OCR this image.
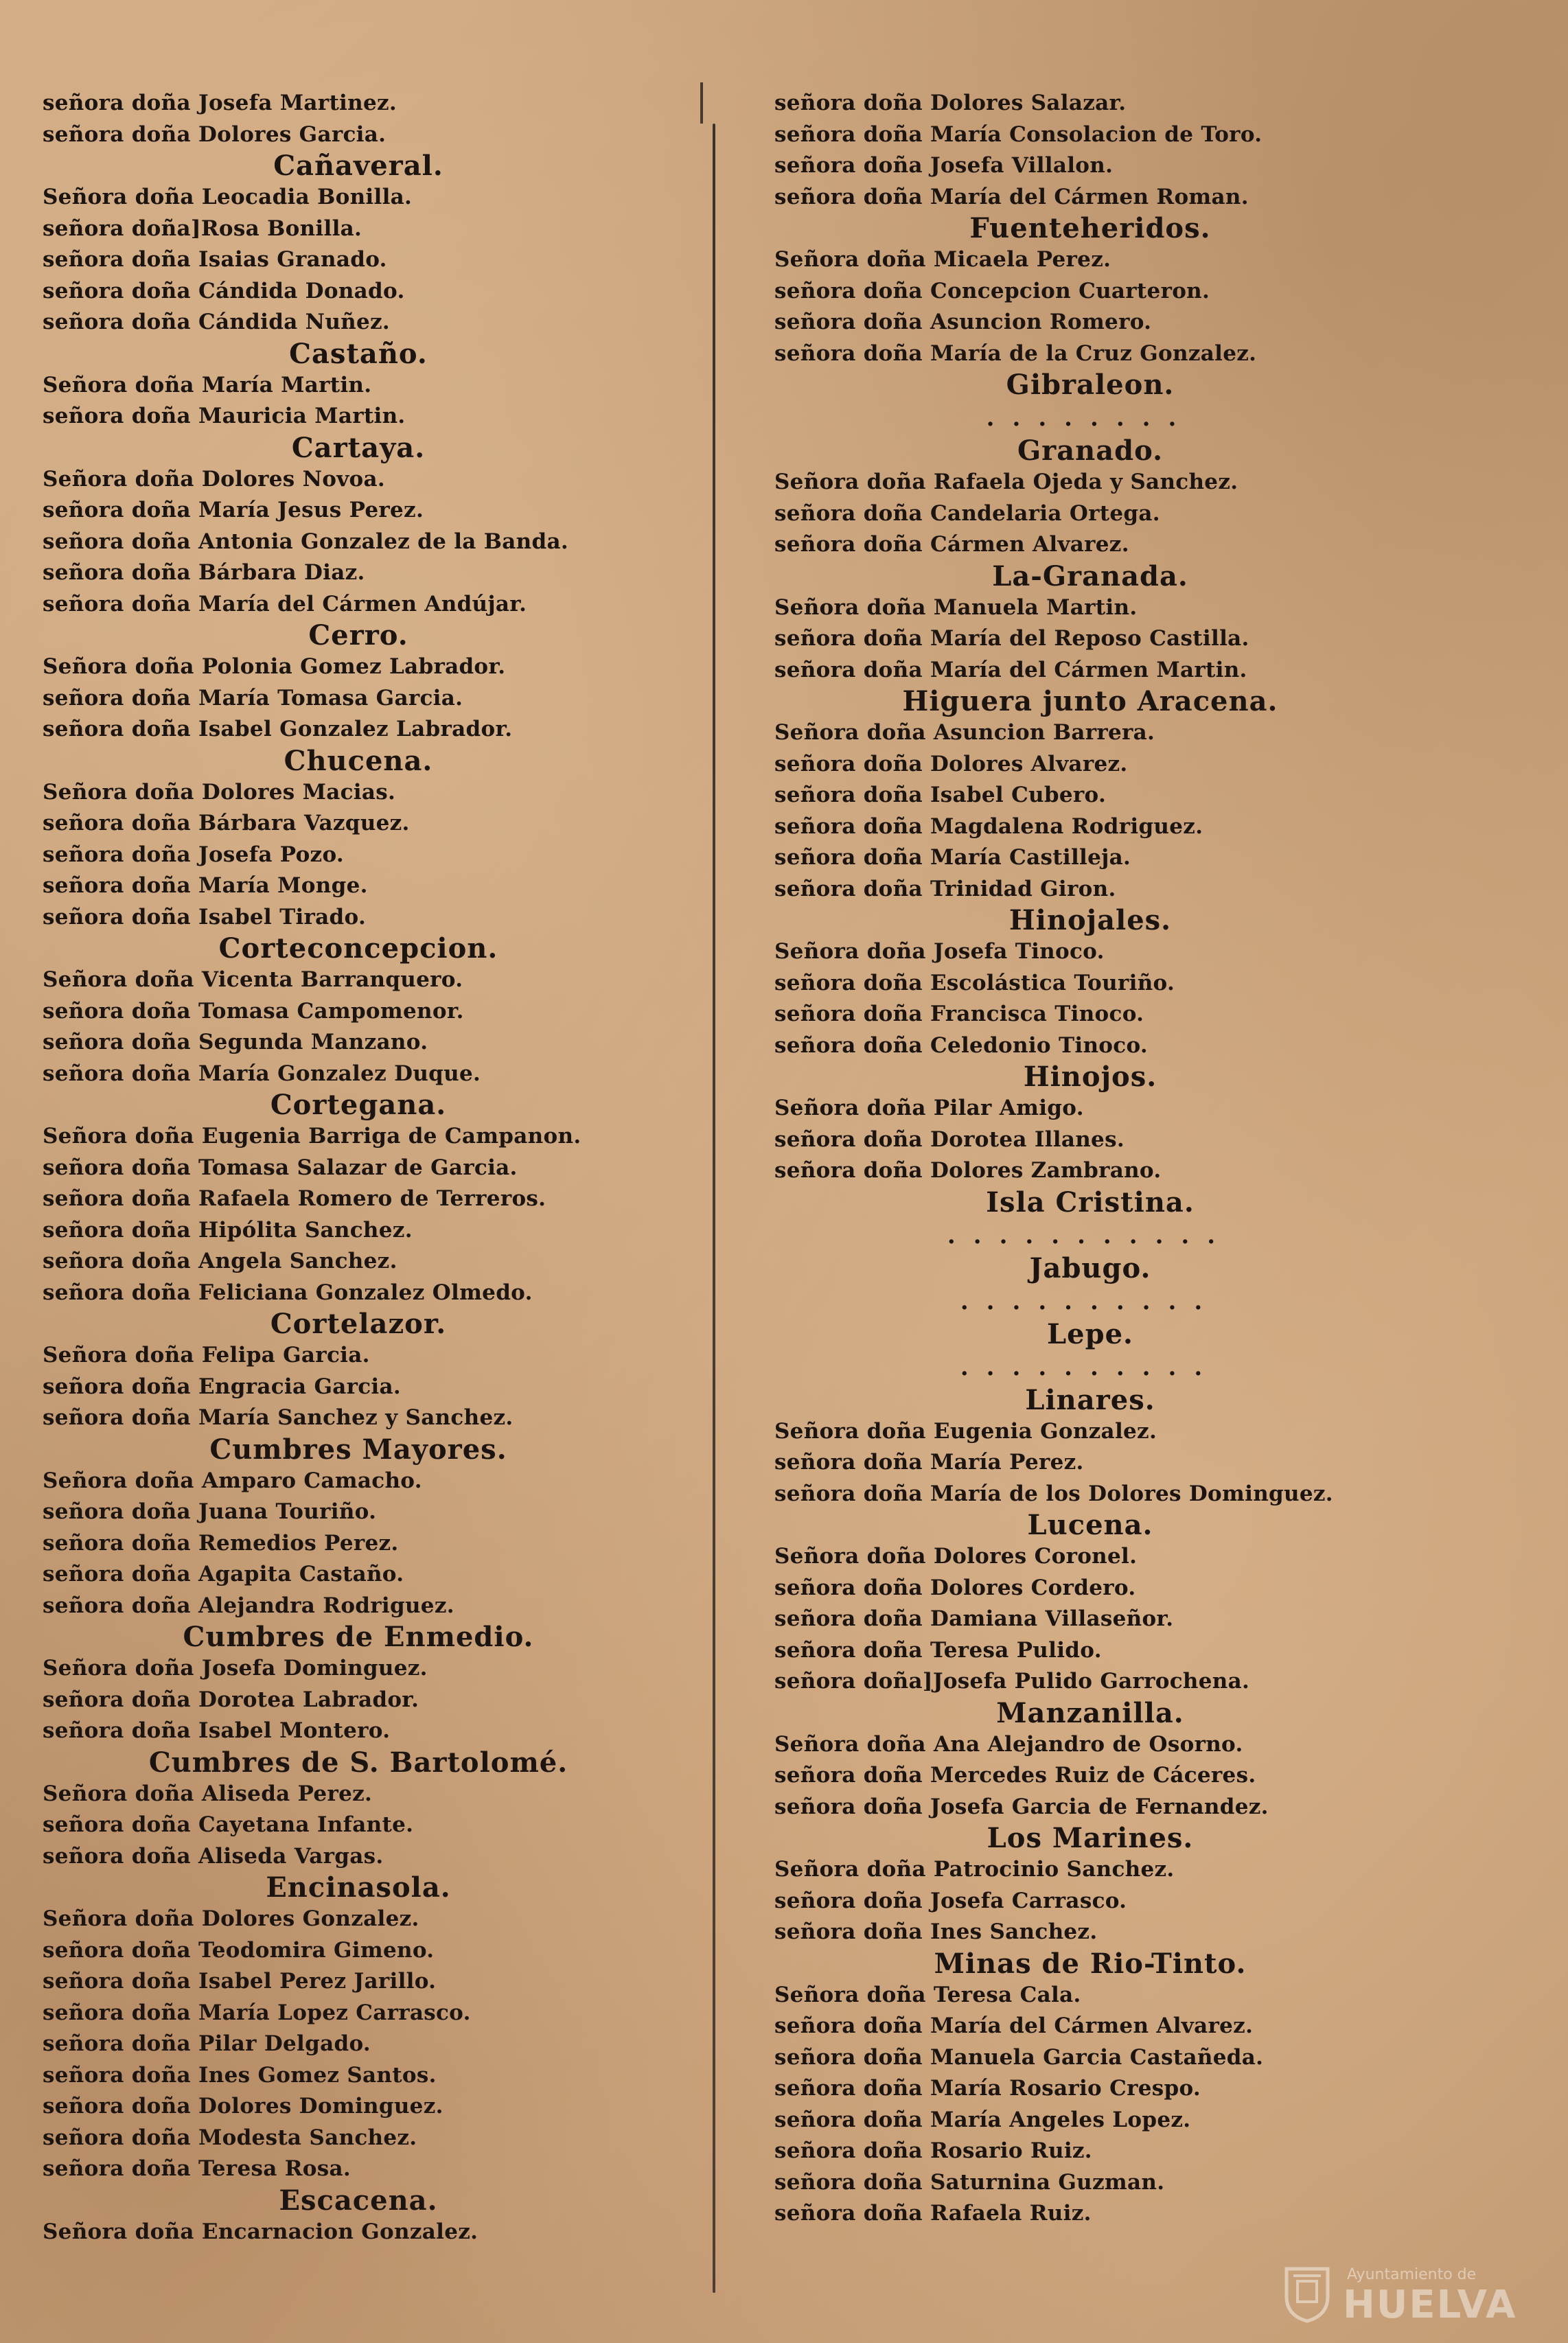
señora doña Josefa Martinez.
señora doña Dolores Garcia.
Cañaveral.
Señora doña Leocadia Bonilla.
señora doña]Rosa Bonilla.
señora doña Isaias Granado.
señora doña Cándida Donado.
señora doña Cándida Nuñez.
Castaño.
Señora doña María Martin.
señora doña Mauricia Martin.
Cartaya.
Señora doña Dolores Novoa.
señora doña María Jesus Perez.
señora doña Antonia Gonzalez de la Banda.
señora doña Bárbara Diaz.
señora doña María del Cármen Andújar.
Cerro.
Señora doña Polonia Gomez Labrador.
señora doña María Tomasa Garcia.
señora doña Isabel Gonzalez Labrador.
Chucena.
Señora doña Dolores Macias.
señora doña Bárbara Vazquez.
señora doña Josefa Pozo.
señora doña María Monge.
señora doña Isabel Tirado.
Corteconcepcion.
Señora doña Vicenta Barranquero.
señora doña Tomasa Campomenor.
señora doña Segunda Manzano.
señora doña María Gonzalez Duque.
Cortegana.
Señora doña Eugenia Barriga de Campanon.
señora doña Tomasa Salazar de Garcia.
señora doña Rafaela Romero de Terreros.
señora doña Hipólita Sanchez.
señora doña Angela Sanchez.
señora doña Feliciana Gonzalez Olmedo.
Cortelazor.
Señora doña Felipa Garcia.
señora doña Engracia Garcia.
señora doña María Sanchez y Sanchez.
Cumbres Mayores.
Señora doña Amparo Camacho.
señora doña Juana Touriño.
señora doña Remedios Perez.
señora doña Agapita Castaño.
señora doña Alejandra Rodriguez.
Cumbres de Enmedio.
Señora doña Josefa Dominguez.
señora doña Dorotea Labrador.
señora doña Isabel Montero.
Cumbres de S. Bartolomé.
Señora doña Aliseda Perez.
señora doña Cayetana Infante.
señora doña Aliseda Vargas.
Encinasola.
Señora doña Dolores Gonzalez.
señora doña Teodomira Gimeno.
señora doña Isabel Perez Jarillo.
señora doña María Lopez Carrasco.
señora doña Pilar Delgado.
señora doña Ines Gomez Santos.
señora doña Dolores Dominguez.
señora doña Modesta Sanchez.
señora doña Teresa Rosa.
Escacena.
Señora doña Encarnacion Gonzalez.
señora doña Dolores Salazar.
señora doña María Consolacion de Toro.
señora doña Josefa Villalon.
señora doña María del Cármen Roman.
Fuenteheridos.
Señora doña Micaela Perez.
señora doña Concepcion Cuarteron.
señora doña Asuncion Romero.
señora doña María de la Cruz Gonzalez.
Gibraleon.
........
Granado.
Señora doña Rafaela Ojeda y Sanchez.
señora doña Candelaria Ortega.
señora doña Cármen Alvarez.
La-Granada.
Señora doña Manuela Martin.
señora doña María del Reposo Castilla.
señora doña María del Cármen Martin.
Higuera junto Aracena.
Señora doña Asuncion Barrera.
señora doña Dolores Alvarez.
señora doña Isabel Cubero.
señora doña Magdalena Rodriguez.
señora doña María Castilleja.
señora doña Trinidad Giron.
Hinojales.
Señora doña Josefa Tinoco.
señora doña Escolástica Touriño.
señora doña Francisca Tinoco.
señora doña Celedonio Tinoco.
Hinojos.
Señora doña Pilar Amigo.
señora doña Dorotea Illanes.
señora doña Dolores Zambrano.
Isla Cristina.
...........
Jabugo.
..........
Lepe.
..........
Linares.
Señora doña Eugenia Gonzalez.
señora doña María Perez.
señora doña María de los Dolores Dominguez.
Lucena.
Señora doña Dolores Coronel.
señora doña Dolores Cordero.
señora doña Damiana Villaseñor.
señora doña Teresa Pulido.
señora doña]Josefa Pulido Garrochena.
Manzanilla.
Señora doña Ana Alejandro de Osorno.
señora doña Mercedes Ruiz de Cáceres.
señora doña Josefa Garcia de Fernandez.
Los Marines.
Señora doña Patrocinio Sanchez.
señora doña Josefa Carrasco.
señora doña Ines Sanchez.
Minas de Rio-Tinto.
Señora doña Teresa Cala.
señora doña María del Cármen Alvarez.
señora doña Manuela Garcia Castañeda.
señora doña María Rosario Crespo.
señora doña María Angeles Lopez.
señora doña Rosario Ruiz.
señora doña Saturnina Guzman.
señora doña Rafaela Ruiz.
Ayuntamiento de
HUELVA
